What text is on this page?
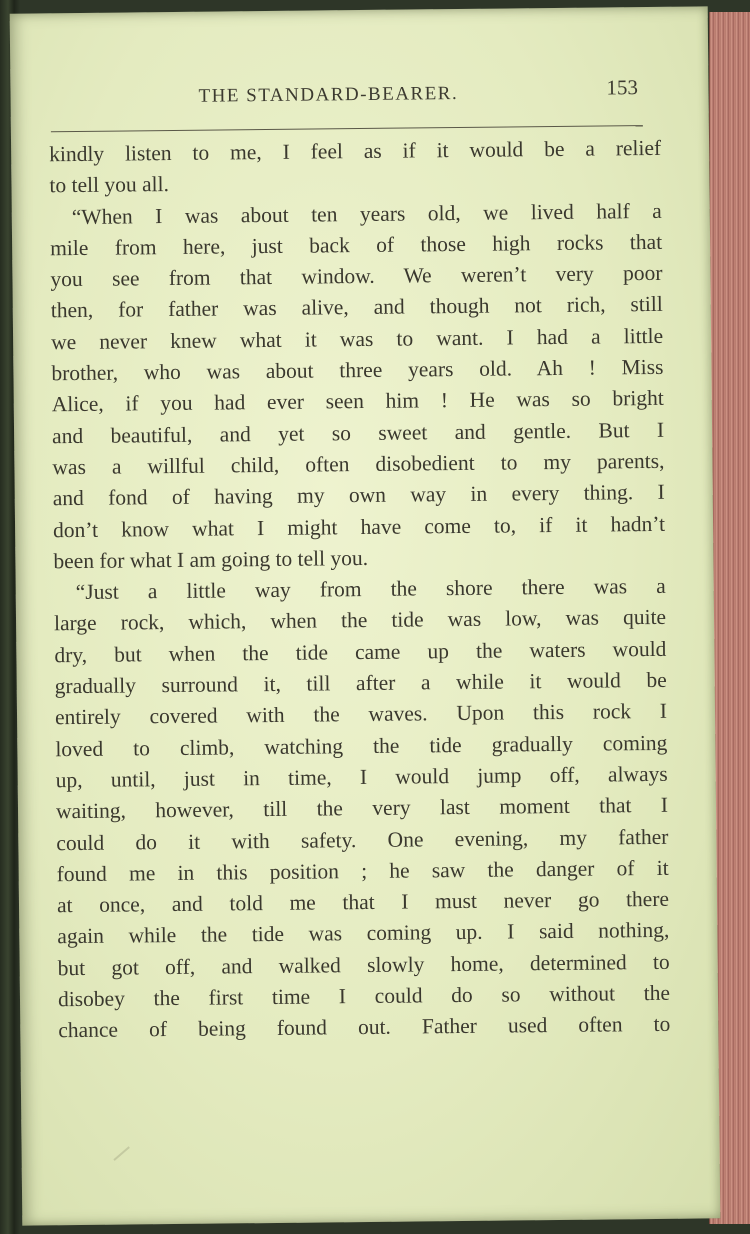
THE STANDARD-BEARER.	153
kindly listen to me, I feel as if it would be a relief
to tell you all.
“When I was about ten years old, we lived half a
mile from here, just back of those high rocks that
you see from that window. We weren’t very poor
then, for father was alive, and though not rich, still
we never knew what it was to want. I had a little
brother, who was about three years old. Ah ! Miss
Alice, if you had ever seen him ! He was so bright
and beautiful, and yet so sweet and gentle. But I
was a willful child, often disobedient to my parents,
and fond of having my own way in every thing. I
don’t know what I might have come to, if it hadn’t
been for what I am going to tell you.
“Just a little way from the shore there was a
large rock, which, when the tide was low, was quite
dry, but when the tide came up the waters would
gradually surround it, till after a while it would be
entirely covered with the waves. Upon this rock I
loved to climb, watching the tide gradually coming
up, until, just in time, I would jump off, always
waiting, however, till the very last moment that I
could do it with safety. One evening, my father
found me in this position ; he saw the danger of it
at once, and told me that I must never go there
again while the tide was coming up. I said nothing,
but got off, and walked slowly home, determined to
disobey the first time I could do so without the
chance of being found out. Father used often to
